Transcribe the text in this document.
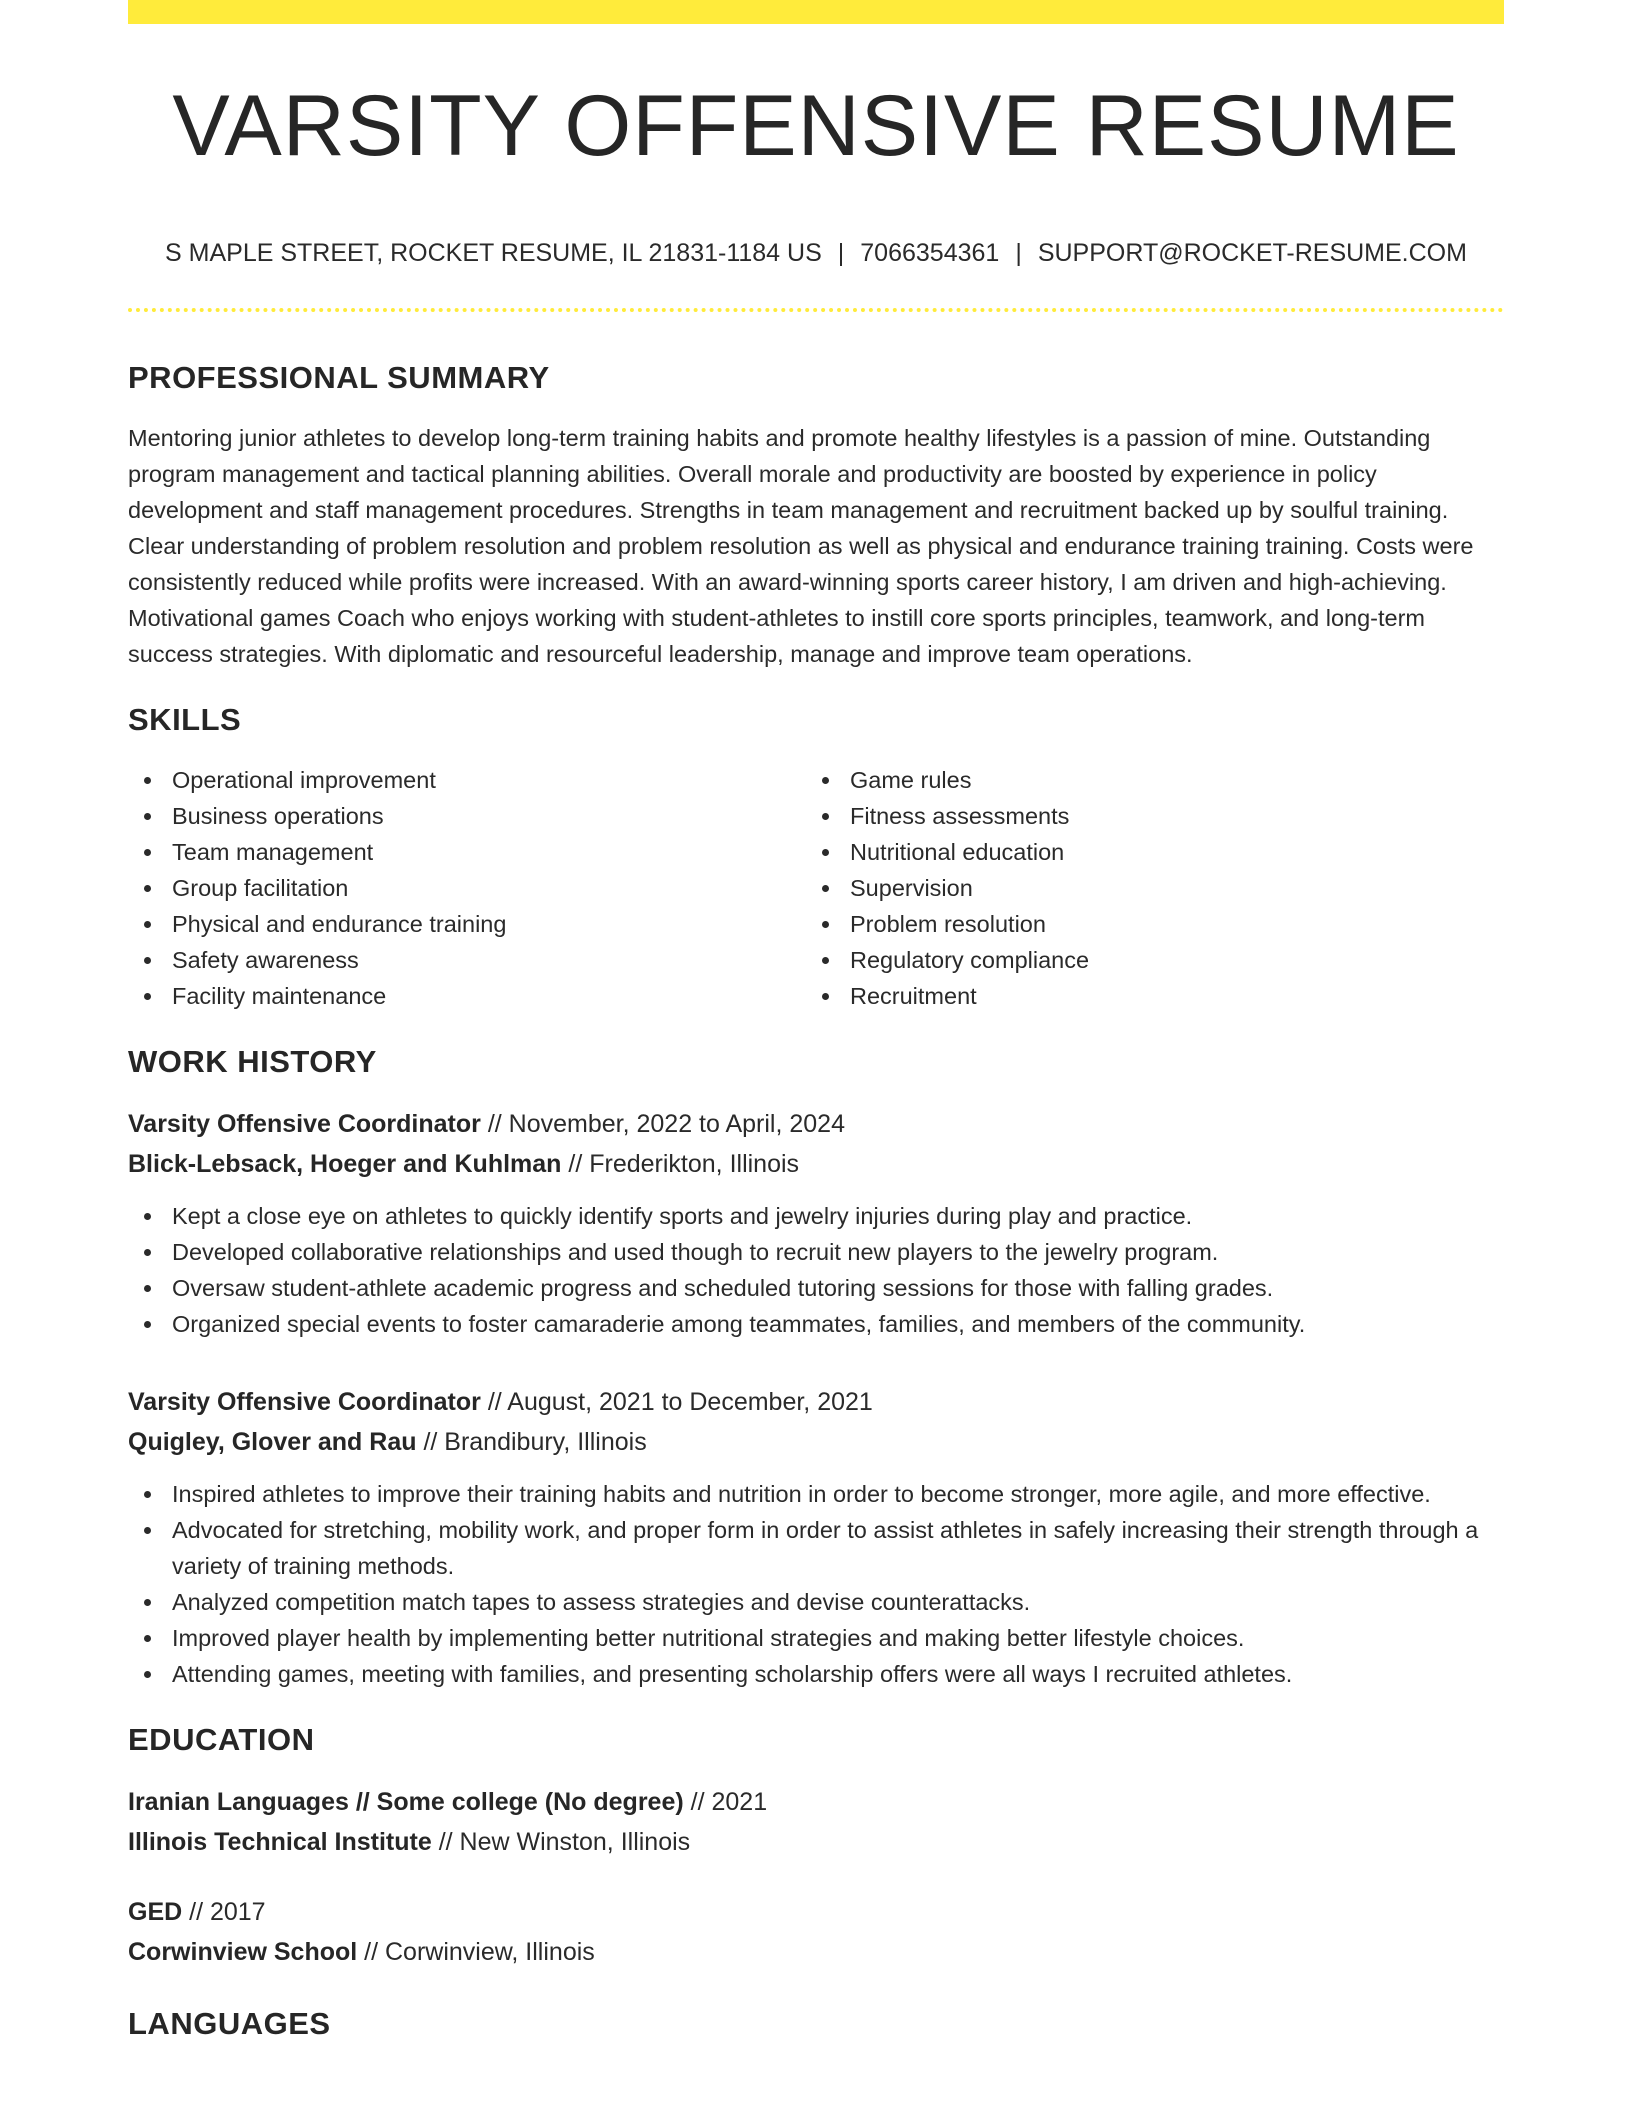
VARSITY OFFENSIVE RESUME
S MAPLE STREET, ROCKET RESUME, IL 21831-1184 US | 7066354361 | SUPPORT@ROCKET-RESUME.COM
PROFESSIONAL SUMMARY

Mentoring junior athletes to develop long-term training habits and promote healthy lifestyles is a passion of mine. Outstanding program management and tactical planning abilities. Overall morale and productivity are boosted by experience in policy development and staff management procedures. Strengths in team management and recruitment backed up by soulful training. Clear understanding of problem resolution and problem resolution as well as physical and endurance training training. Costs were consistently reduced while profits were increased. With an award-winning sports career history, I am driven and high-achieving. Motivational games Coach who enjoys working with student-athletes to instill core sports principles, teamwork, and long-term success strategies. With diplomatic and resourceful leadership, manage and improve team operations.

SKILLS
Operational improvement
Business operations
Team management
Group facilitation
Physical and endurance training
Safety awareness
Facility maintenance
Game rules
Fitness assessments
Nutritional education
Supervision
Problem resolution
Regulatory compliance
Recruitment
WORK HISTORY
Varsity Offensive Coordinator // November, 2022 to April, 2024
Blick-Lebsack, Hoeger and Kuhlman // Frederikton, Illinois
Kept a close eye on athletes to quickly identify sports and jewelry injuries during play and practice.
Developed collaborative relationships and used though to recruit new players to the jewelry program.
Oversaw student-athlete academic progress and scheduled tutoring sessions for those with falling grades.
Organized special events to foster camaraderie among teammates, families, and members of the community.
Varsity Offensive Coordinator // August, 2021 to December, 2021
Quigley, Glover and Rau // Brandibury, Illinois
Inspired athletes to improve their training habits and nutrition in order to become stronger, more agile, and more effective.
Advocated for stretching, mobility work, and proper form in order to assist athletes in safely increasing their strength through a variety of training methods.
Analyzed competition match tapes to assess strategies and devise counterattacks.
Improved player health by implementing better nutritional strategies and making better lifestyle choices.
Attending games, meeting with families, and presenting scholarship offers were all ways I recruited athletes.
EDUCATION
Iranian Languages // Some college (No degree) // 2021
Illinois Technical Institute // New Winston, Illinois
GED // 2017
Corwinview School // Corwinview, Illinois
LANGUAGES
